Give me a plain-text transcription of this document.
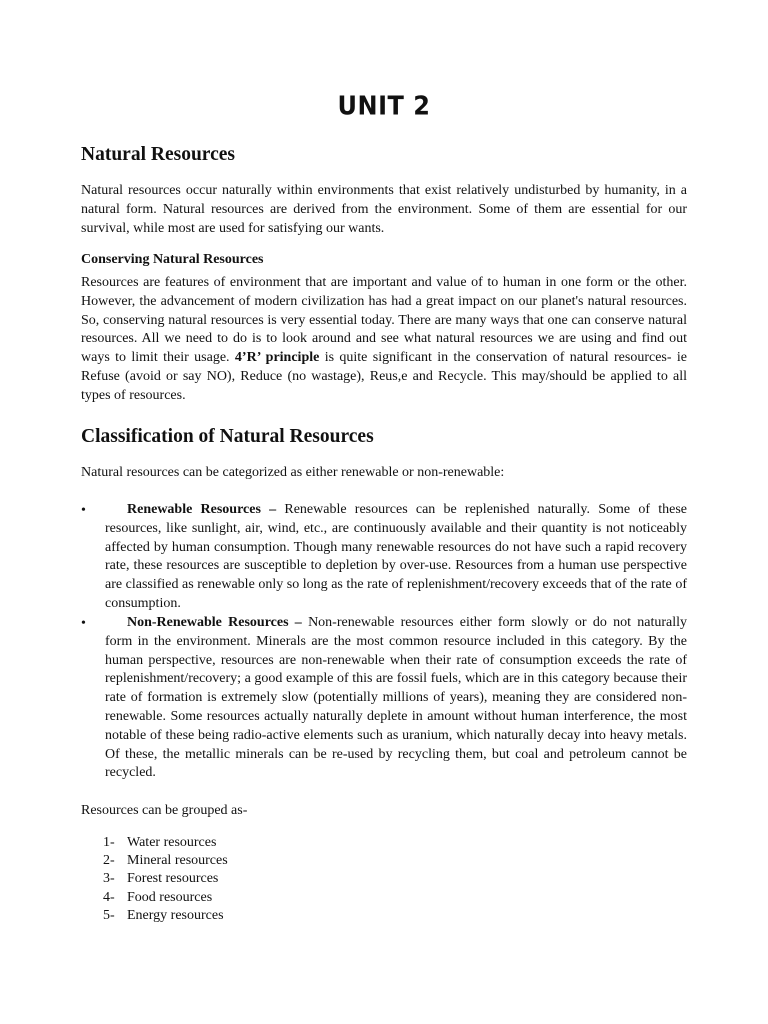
UNIT 2
Natural Resources

Natural resources occur naturally within environments that exist relatively undisturbed by humanity, in a natural form. Natural resources are derived from the environment. Some of them are essential for our survival, while most are used for satisfying our wants.

Conserving Natural Resources

Resources are features of environment that are important and value of to human in one form or the other. However, the advancement of modern civilization has had a great impact on our planet's natural resources. So, conserving natural resources is very essential today. There are many ways that one can conserve natural resources. All we need to do is to look around and see what natural resources we are using and find out ways to limit their usage. 4’R’ principle is quite significant in the conservation of natural resources- ie Refuse (avoid or say NO), Reduce (no wastage), Reus,e and Recycle. This may/should be applied to all types of resources.

Classification of Natural Resources

Natural resources can be categorized as either renewable or non-renewable:

•	Renewable Resources – Renewable resources can be replenished naturally. Some of these resources, like sunlight, air, wind, etc., are continuously available and their quantity is not noticeably affected by human consumption. Though many renewable resources do not have such a rapid recovery rate, these resources are susceptible to depletion by over-use. Resources from a human use perspective are classified as renewable only so long as the rate of replenishment/recovery exceeds that of the rate of consumption.

•	Non-Renewable Resources – Non-renewable resources either form slowly or do not naturally form in the environment. Minerals are the most common resource included in this category. By the human perspective, resources are non-renewable when their rate of consumption exceeds the rate of replenishment/recovery; a good example of this are fossil fuels, which are in this category because their rate of formation is extremely slow (potentially millions of years), meaning they are considered non-renewable. Some resources actually naturally deplete in amount without human interference, the most notable of these being radio-active elements such as uranium, which naturally decay into heavy metals. Of these, the metallic minerals can be re-used by recycling them, but coal and petroleum cannot be recycled.

Resources can be grouped as-

1- Water resources
2- Mineral resources
3- Forest resources
4- Food resources
5- Energy resources
